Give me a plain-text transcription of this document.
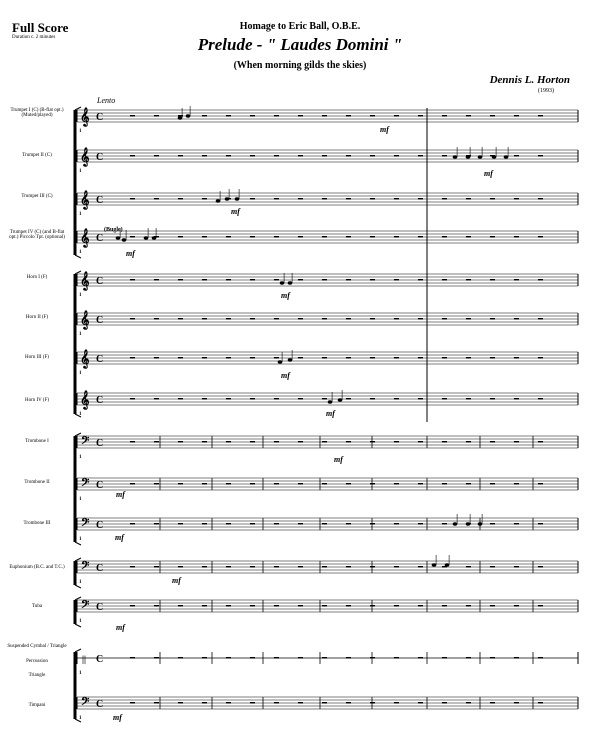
Full Score
Duration c. 2 minutes
Homage to Eric Ball, O.B.E.
Prelude - " Laudes Domini "
(When morning gilds the skies)
Dennis L. Horton
(1993)
Lento
Trumpet I (C) (B-flat opt.) (Muted/played)
Trumpet II (C)
Trumpet III (C)
Trumpet IV (C) (and B-flat opt.) Piccolo Tpt. (optional)
Horn I (F)
Horn II (F)
Horn III (F)
Horn IV (F)
Trombone I
Trombone II
Trombone III
Euphonium (B.C. and T.C.)
Tuba
Suspended Cymbal / Triangle
Percussion
Triangle
Timpani
𝄞 C
1
𝄞 C
1
𝄞 C
1
𝄞 C
1
𝄞 C
1
𝄞 C
1
𝄞 C
1
𝄞 C
1
𝄢 C
1
𝄢 C
1
𝄢 C
1
𝄢 C
1
𝄢 C
1
|| C
1
𝄢 C
1
mf
mf
mf
mf
mf
mf
mf
mf
mf
mf
mf
mf
mf
(Bugle)
